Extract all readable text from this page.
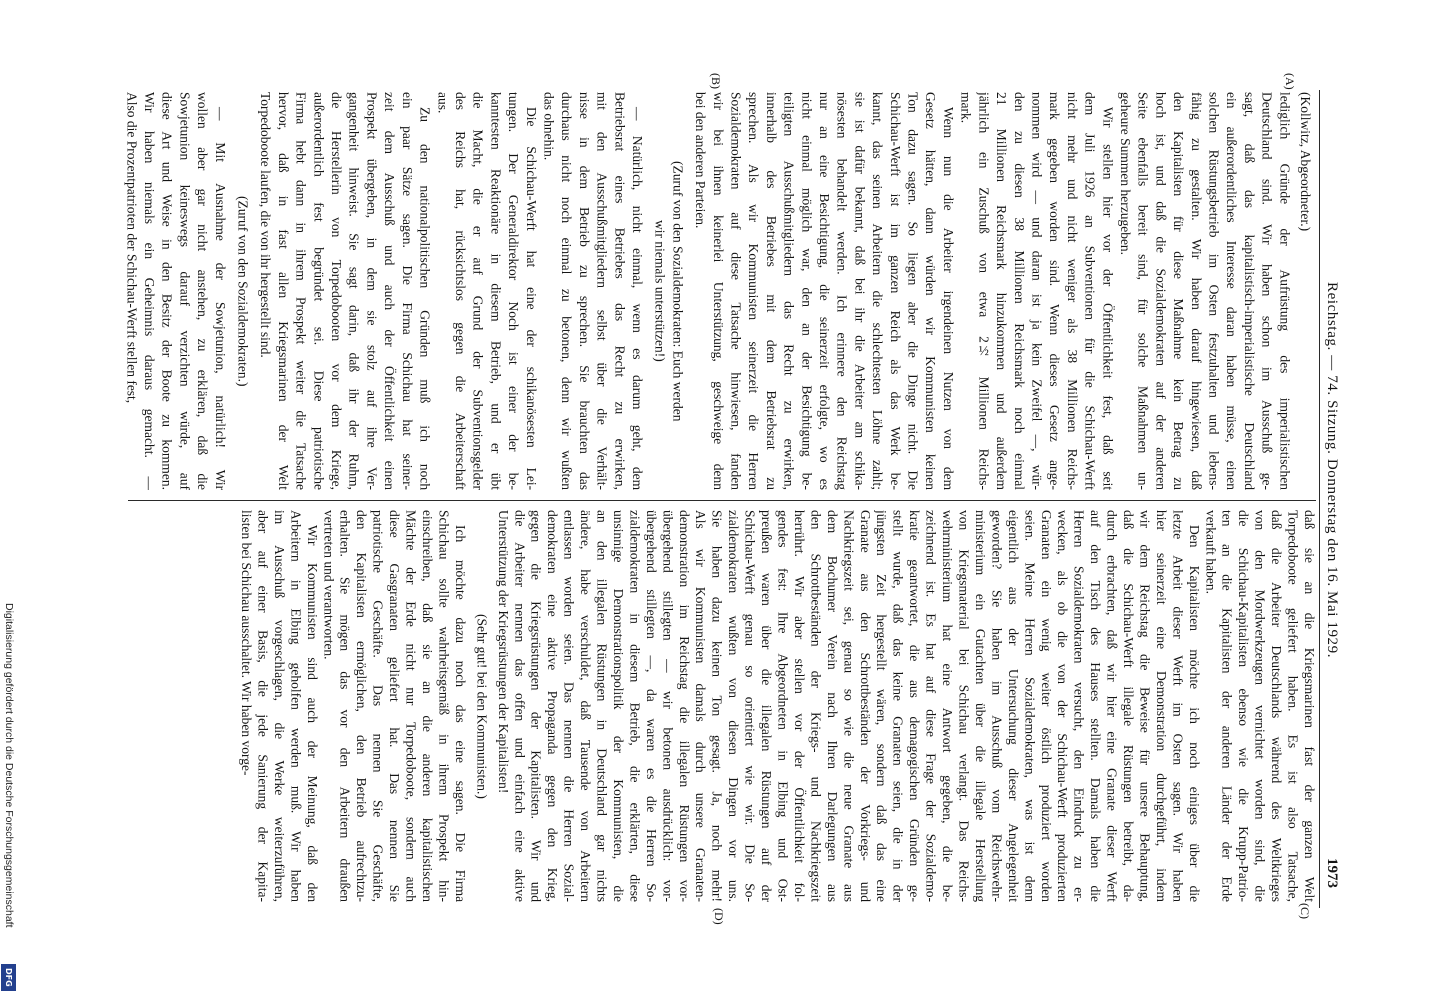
Reichstag. — 74. Sitzung. Donnerstag den 16. Mai 1929.
1973
(A)
(B)
(C)
(D)
(Kollwitz, Abgeordneter.)
lediglich Gründe der Aufrüstung des imperialistischen
Deutschland sind. Wir haben schon im Ausschuß ge-
sagt, daß das kapitalistisch-imperialistische Deutschland
ein außerordentliches Interesse daran haben müsse, einen
solchen Rüstungsbetrieb im Osten festzuhalten und lebens-
fähig zu gestalten. Wir haben darauf hingewiesen, daß
den Kapitalisten für diese Maßnahme kein Betrag zu
hoch ist, und daß die Sozialdemokraten auf der anderen
Seite ebenfalls bereit sind, für solche Maßnahmen un-
geheure Summen herzugeben.
Wir stellen hier vor der Öffentlichkeit fest, daß seit
dem Juli 1926 an Subventionen für die Schichau-Werft
nicht mehr und nicht weniger als 38 Millionen Reichs-
mark gegeben worden sind. Wenn dieses Gesetz ange-
nommen wird — und daran ist ja kein Zweifel —, wür-
den zu diesen 38 Millionen Reichsmark noch einmal
21 Millionen Reichsmark hinzukommen und außerdem
jährlich ein Zuschuß von etwa 2½ Millionen Reichs-
mark.
Wenn nun die Arbeiter irgendeinen Nutzen von dem
Gesetz hätten, dann würden wir Kommunisten keinen
Ton dazu sagen. So liegen aber die Dinge nicht. Die
Schichau-Werft ist im ganzen Reich als das Werk be-
kannt, das seinen Arbeitern die schlechtesten Löhne zahlt;
sie ist dafür bekannt, daß bei ihr die Arbeiter am schika-
nösesten behandelt werden. Ich erinnere den Reichstag
nur an eine Besichtigung, die seinerzeit erfolgte, wo es
nicht einmal möglich war, den an der Besichtigung be-
teiligten Ausschußmitgliedern das Recht zu erwirken,
innerhalb des Betriebes mit dem Betriebsrat zu
sprechen. Als wir Kommunisten seinerzeit die Herren
Sozialdemokraten auf diese Tatsache hinwiesen, fanden
wir bei ihnen keinerlei Unterstützung, geschweige denn
bei den anderen Parteien.
(Zuruf von den Sozialdemokraten: Euch werden
wir niemals unterstützen!)
— Natürlich, nicht einmal, wenn es darum geht, dem
Betriebsrat eines Betriebes das Recht zu erwirken,
mit den Ausschußmitgliedern selbst über die Verhält-
nisse in dem Betrieb zu sprechen. Sie brauchten das
durchaus nicht noch einmal zu betonen, denn wir wußten
das ohnehin.
Die Schichau-Werft hat eine der schikanösesten Lei-
tungen. Der Generaldirektor Noch ist einer der be-
kanntesten Reaktionäre in diesem Betrieb, und er übt
die Macht, die er auf Grund der Subventionsgelder
des Reichs hat, rücksichtslos gegen die Arbeiterschaft
aus.
Zu den nationalpolitischen Gründen muß ich noch
ein paar Sätze sagen. Die Firma Schichau hat seiner-
zeit dem Ausschuß und auch der Öffentlichkeit einen
Prospekt übergeben, in dem sie stolz auf ihre Ver-
gangenheit hinweist. Sie sagt darin, daß ihr der Ruhm,
die Herstellerin von Torpedobooten vor dem Kriege,
außerordentlich fest begründet sei. Diese patriotische
Firma hebt dann in ihrem Prospekt weiter die Tatsache
hervor, daß in fast allen Kriegsmarinen der Welt
Torpedoboote laufen, die von ihr hergestellt sind.
(Zuruf von den Sozialdemokraten.)
— Mit Ausnahme der Sowjetunion, natürlich! Wir
wollen aber gar nicht anstehen, zu erklären, daß die
Sowjetunion keineswegs darauf verzichten würde, auf
diese Art und Weise in den Besitz der Boote zu kommen.
Wir haben niemals ein Geheimnis daraus gemacht. —
Also die Prozentpatrioten der Schichau-Werft stellen fest,
daß sie an die Kriegsmarinen fast der ganzen Welt
Torpedoboote geliefert haben. Es ist also Tatsache,
daß die Arbeiter Deutschlands während des Weltkrieges
von den Mordwerkzeugen vernichtet worden sind, die
die Schichau-Kapitalisten ebenso wie die Krupp-Patrio-
ten an die Kapitalisten der anderen Länder der Erde
verkauft haben.
Den Kapitalisten möchte ich noch einiges über die
letzte Arbeit dieser Werft im Osten sagen. Wir haben
hier seinerzeit eine Demonstration durchgeführt, indem
wir dem Reichstag die Beweise für unsere Behauptung,
daß die Schichau-Werft illegale Rüstungen betreibt, da-
durch erbrachten, daß wir hier eine Granate dieser Werft
auf den Tisch des Hauses stellten. Damals haben die
Herren Sozialdemokraten versucht, den Eindruck zu er-
wecken, als ob die von der Schichau-Werft produzierten
Granaten ein wenig weiter östlich produziert worden
seien. Meine Herren Sozialdemokraten, was ist denn
eigentlich aus der Untersuchung dieser Angelegenheit
geworden? Sie haben im Ausschuß vom Reichswehr-
ministerium ein Gutachten über die illegale Herstellung
von Kriegsmaterial bei Schichau verlangt. Das Reichs-
wehrministerium hat eine Antwort gegeben, die be-
zeichnend ist. Es hat auf diese Frage der Sozialdemo-
kratie geantwortet, die aus demagogischen Gründen ge-
stellt wurde, daß das keine Granaten seien, die in der
jüngsten Zeit hergestellt wären, sondern daß das eine
Granate aus den Schrottbeständen der Vorkriegs- und
Nachkriegszeit sei, genau so wie die neue Granate aus
dem Bochumer Verein nach Ihren Darlegungen aus
den Schrottbeständen der Kriegs- und Nachkriegszeit
herrührt. Wir aber stellen vor der Öffentlichkeit fol-
gendes fest: Ihre Abgeordneten in Elbing und Ost-
preußen waren über die illegalen Rüstungen auf der
Schichau-Werft genau so orientiert wie wir. Die So-
zialdemokraten wußten von diesen Dingen vor uns.
Sie haben dazu keinen Ton gesagt. Ja, noch mehr!
Als wir Kommunisten damals durch unsere Granaten-
demonstration im Reichstag die illegalen Rüstungen vor-
übergehend stillegten — wir betonen ausdrücklich: vor-
übergehend stillegten —, da waren es die Herren So-
zialdemokraten in diesem Betrieb, die erklärten, diese
unsinnige Demonstrationspolitik der Kommunisten, die
an den illegalen Rüstungen in Deutschland gar nichts
ändere, habe verschuldet, daß Tausende von Arbeitern
entlassen worden seien. Das nennen die Herren Sozial-
demokraten eine aktive Propaganda gegen den Krieg,
gegen die Kriegsrüstungen der Kapitalisten. Wir und
die Arbeiter nennen das offen und einfach eine aktive
Unterstützung der Kriegsrüstungen der Kapitalisten!
(Sehr gut! bei den Kommunisten.)
Ich möchte dazu noch das eine sagen. Die Firma
Schichau sollte wahrheitsgemäß in ihrem Prospekt hin-
einschreiben, daß sie an die anderen kapitalistischen
Mächte der Erde nicht nur Torpedoboote, sondern auch
diese Gasgranaten geliefert hat. Das nennen Sie
patriotische Geschäfte. Das nennen Sie Geschäfte,
den Kapitalisten ermöglichen, den Betrieb aufrechtzu-
erhalten. Sie mögen das vor den Arbeitern draußen
vertreten und verantworten.
Wir Kommunisten sind auch der Meinung, daß den
Arbeitern in Elbing geholfen werden muß. Wir haben
im Ausschuß vorgeschlagen, die Werke weiterzuführen,
aber auf einer Basis, die jede Sanierung der Kapita-
listen bei Schichau ausschaltet. Wir haben vorge-
Digitalisierung gefördert durch die Deutsche Forschungsgemeinschaft
DFG
